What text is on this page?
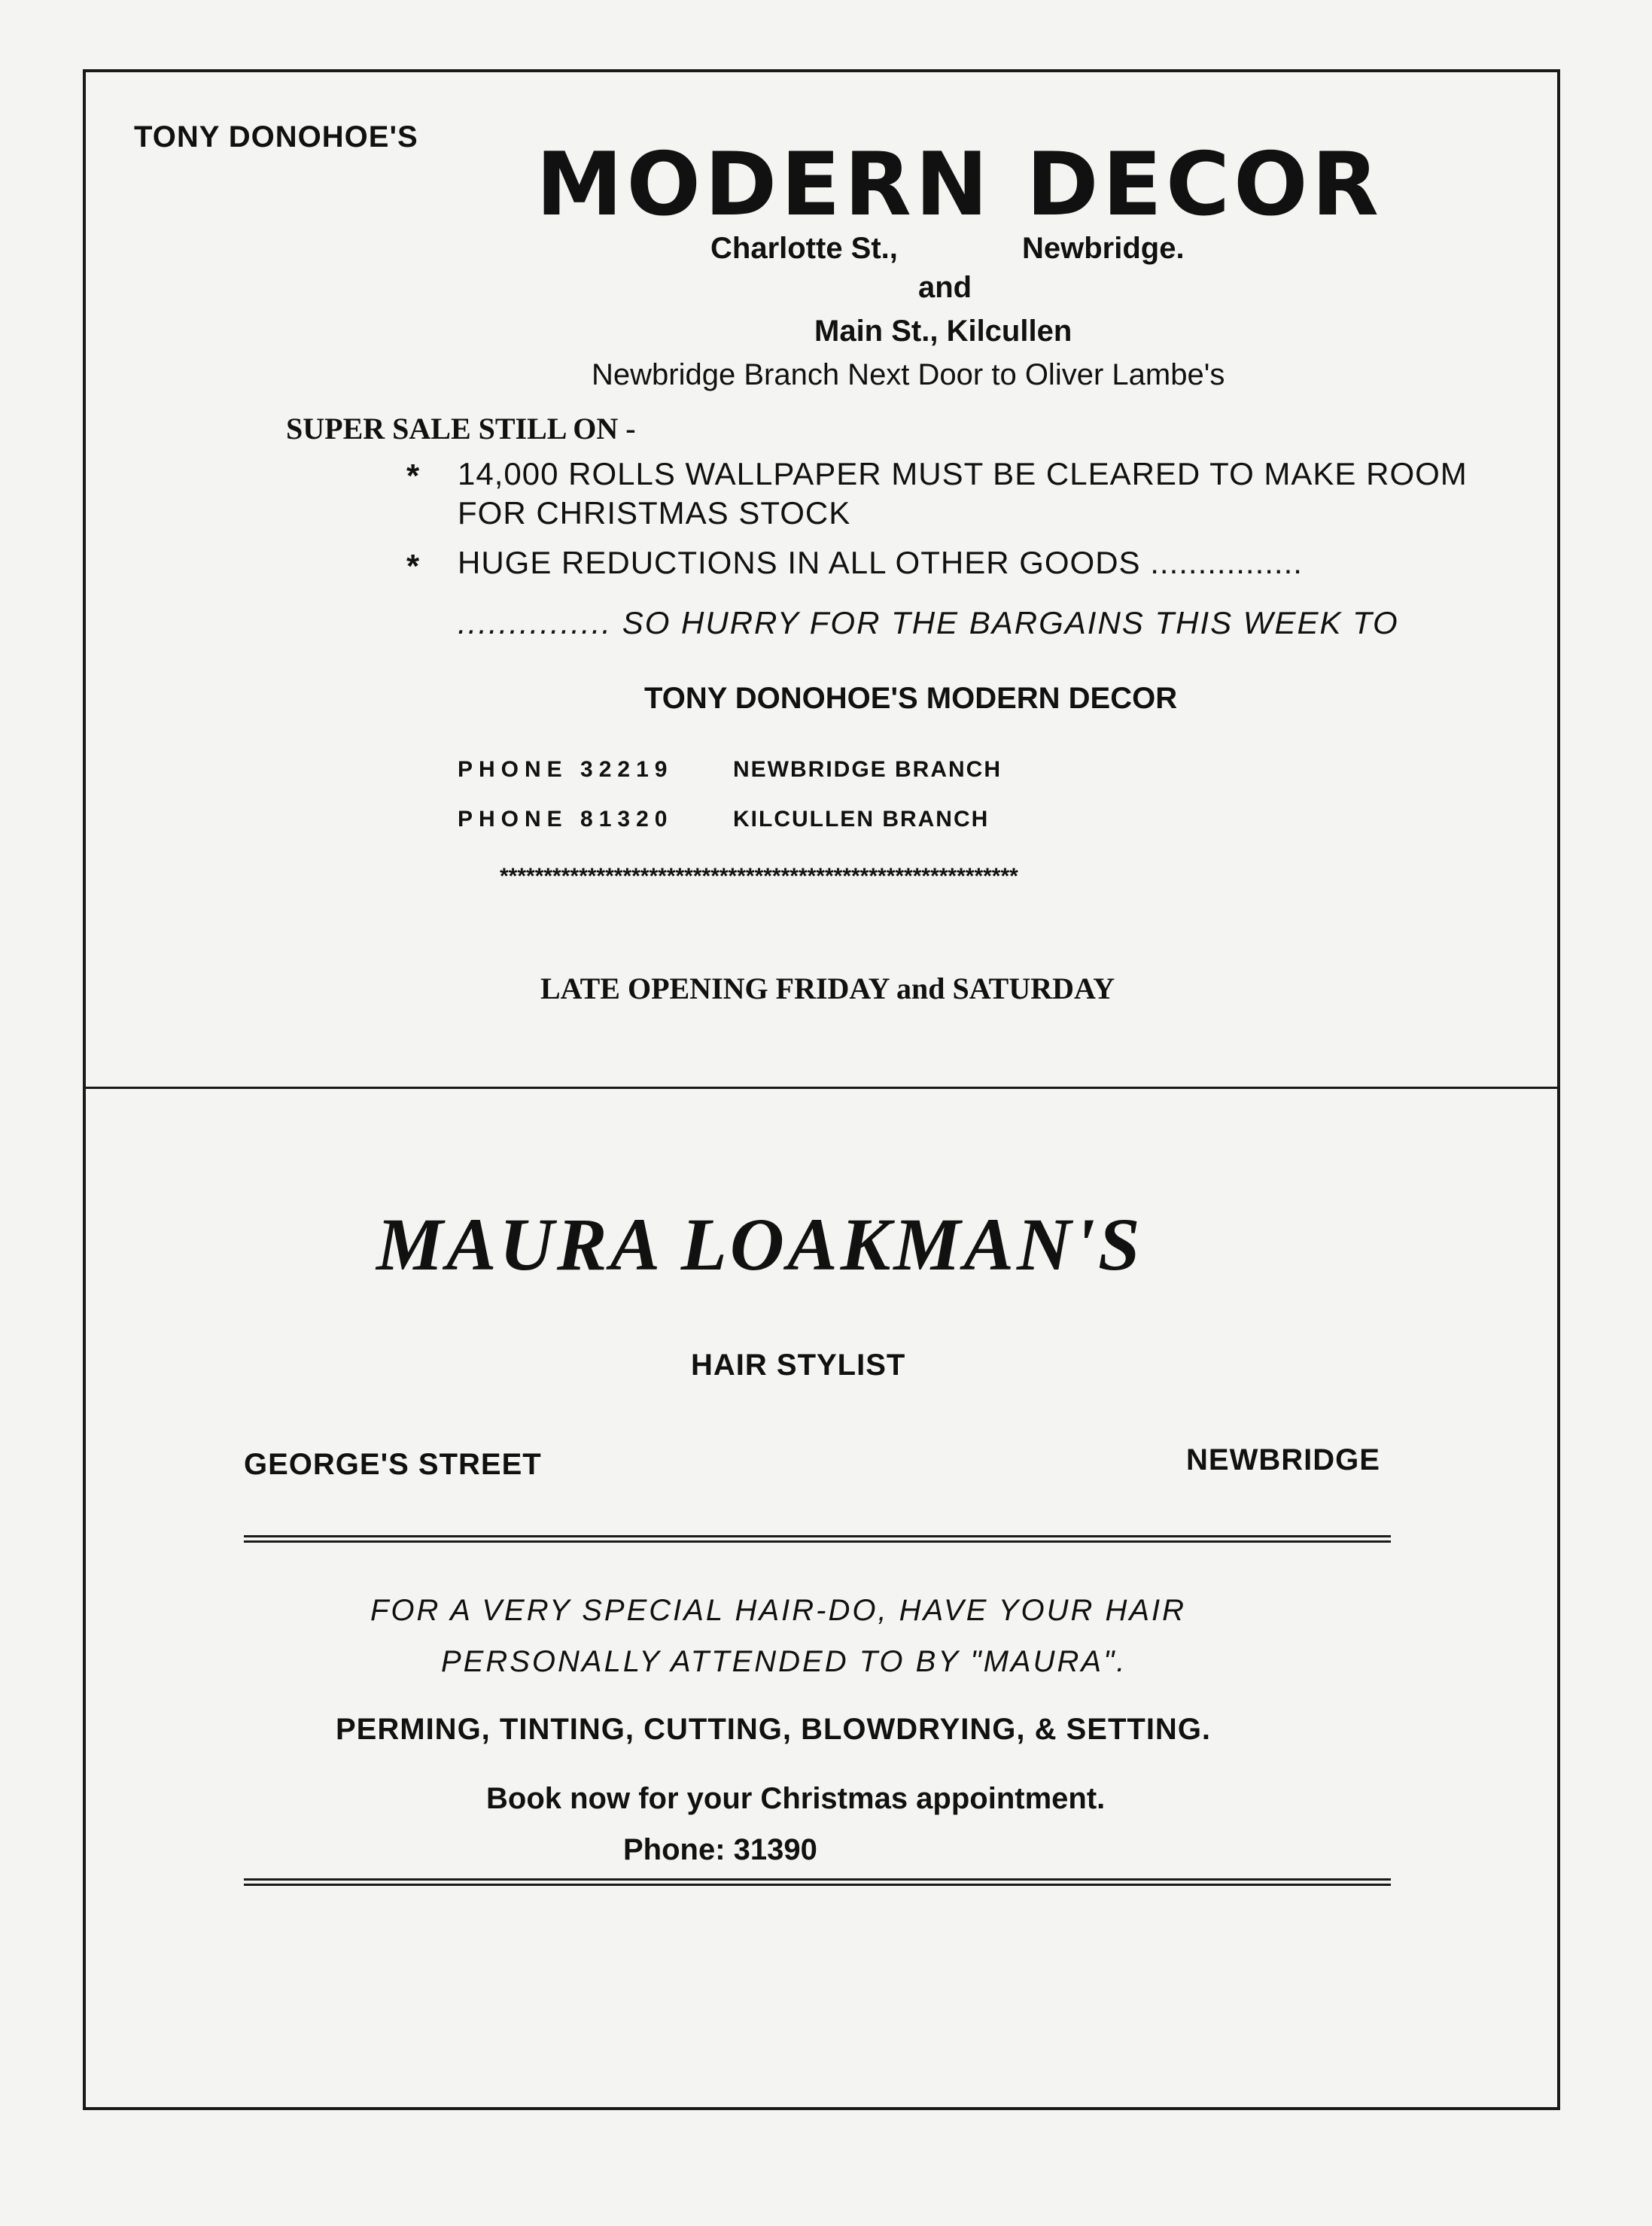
TONY DONOHOE'S MODERN DECOR
Charlotte St.,	Newbridge.
and
Main St., Kilcullen
Newbridge Branch Next Door to Oliver Lambe's
SUPER SALE STILL ON -
* 14,000 ROLLS WALLPAPER MUST BE CLEARED TO MAKE ROOM FOR CHRISTMAS STOCK
* HUGE REDUCTIONS IN ALL OTHER GOODS ................
............... SO HURRY FOR THE BARGAINS THIS WEEK TO
TONY DONOHOE'S MODERN DECOR
PHONE 32219	NEWBRIDGE BRANCH
PHONE 81320	KILCULLEN BRANCH
***********************************************************
LATE OPENING FRIDAY and SATURDAY
MAURA LOAKMAN'S
HAIR STYLIST
GEORGE'S STREET	NEWBRIDGE
FOR A VERY SPECIAL HAIR-DO, HAVE YOUR HAIR
PERSONALLY ATTENDED TO BY "MAURA".
PERMING, TINTING, CUTTING, BLOWDRYING, & SETTING.
Book now for your Christmas appointment.
Phone: 31390
